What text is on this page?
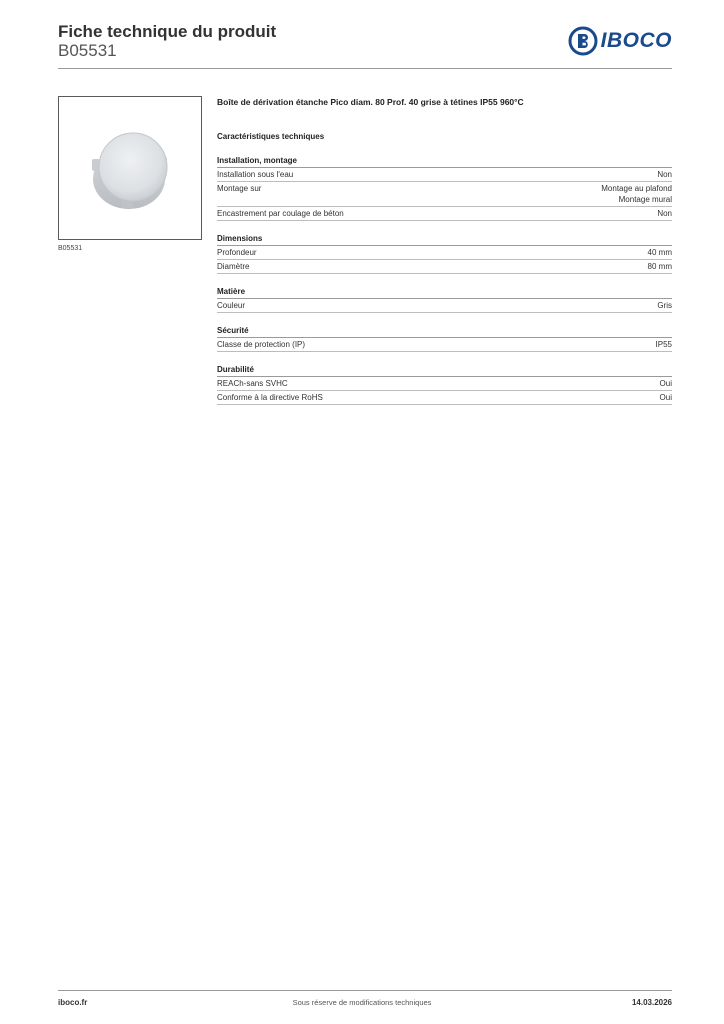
Fiche technique du produit
B05531	IBOCO
B05531
Boîte de dérivation étanche Pico diam. 80 Prof. 40 grise à tétines IP55 960°C
Caractéristiques techniques
Installation, montage
Installation sous l'eau	Non
Montage sur	Montage au plafond
Montage mural
Encastrement par coulage de béton	Non
Dimensions
Profondeur	40 mm
Diamètre	80 mm
Matière
Couleur	Gris
Sécurité
Classe de protection (IP)	IP55
Durabilité
REACh-sans SVHC	Oui
Conforme à la directive RoHS	Oui
iboco.fr	Sous réserve de modifications techniques	14.03.2026
